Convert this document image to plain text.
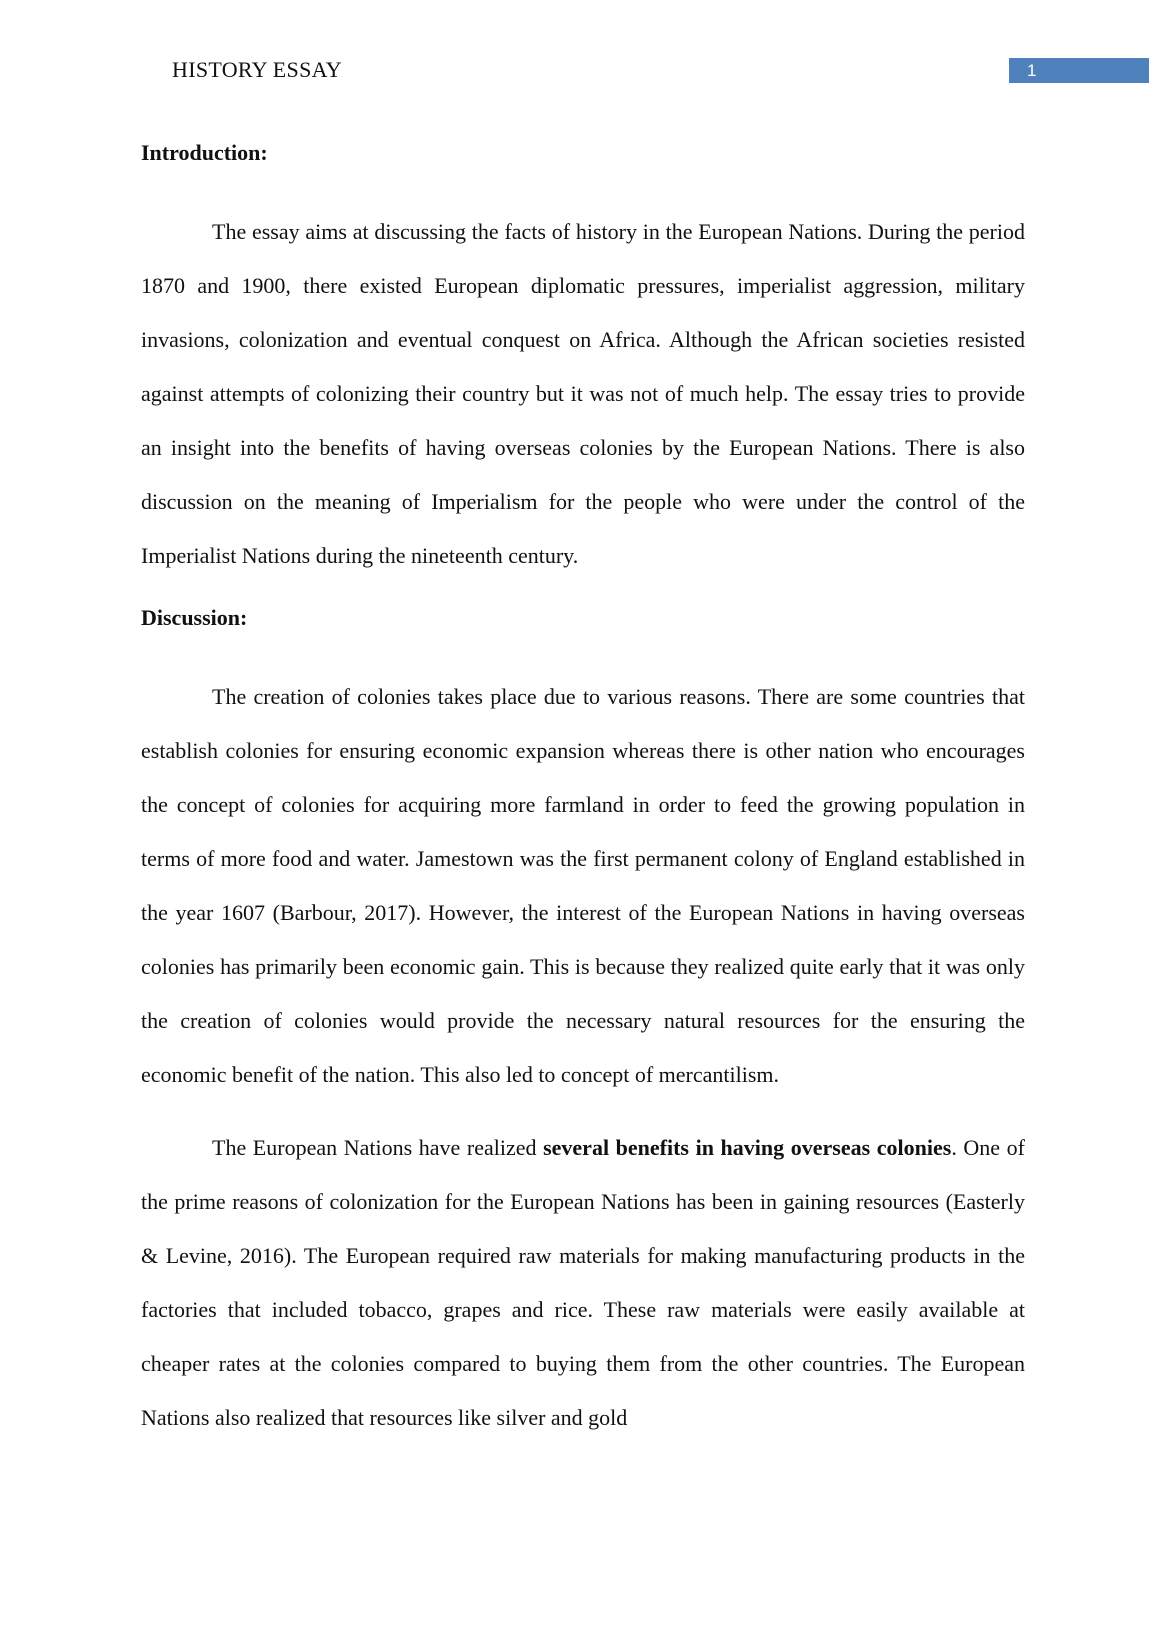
HISTORY ESSAY	1

Introduction:

The essay aims at discussing the facts of history in the European Nations. During the period 1870 and 1900, there existed European diplomatic pressures, imperialist aggression, military invasions, colonization and eventual conquest on Africa. Although the African societies resisted against attempts of colonizing their country but it was not of much help. The essay tries to provide an insight into the benefits of having overseas colonies by the European Nations. There is also discussion on the meaning of Imperialism for the people who were under the control of the Imperialist Nations during the nineteenth century.

Discussion:

The creation of colonies takes place due to various reasons. There are some countries that establish colonies for ensuring economic expansion whereas there is other nation who encourages the concept of colonies for acquiring more farmland in order to feed the growing population in terms of more food and water. Jamestown was the first permanent colony of England established in the year 1607 (Barbour, 2017). However, the interest of the European Nations in having overseas colonies has primarily been economic gain. This is because they realized quite early that it was only the creation of colonies would provide the necessary natural resources for the ensuring the economic benefit of the nation. This also led to concept of mercantilism.

The European Nations have realized several benefits in having overseas colonies. One of the prime reasons of colonization for the European Nations has been in gaining resources (Easterly & Levine, 2016). The European required raw materials for making manufacturing products in the factories that included tobacco, grapes and rice. These raw materials were easily available at cheaper rates at the colonies compared to buying them from the other countries. The European Nations also realized that resources like silver and gold
